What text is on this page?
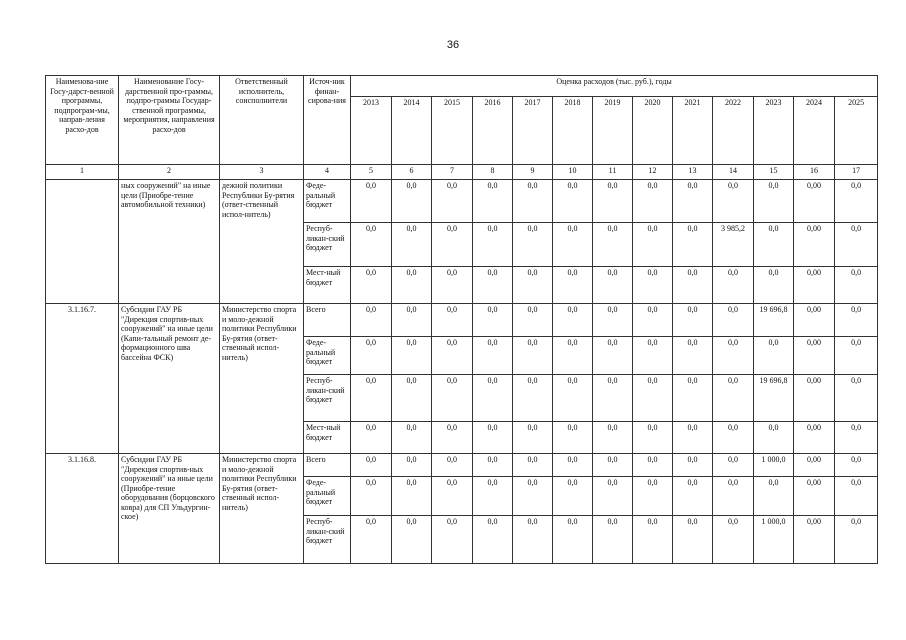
36
Наименова-ние Госу-дарст-венной программы, подпрограм-мы, направ-ления расхо-дов	Наименование Госу-дарственной про-граммы, подпро-граммы Государ-ственной программы, мероприятия, направления расхо-дов	Ответственный исполнитель, соисполнители	Источ-ник финан-сирова-ния	Оценка расходов (тыс. руб.), годы												
				2013	2014	2015	2016	2017	2018	2019	2020	2021	2022	2023	2024	2025
1	2	3	4	5	6	7	8	9	10	11	12	13	14	15	16	17
	ных сооружений" на иные цели (Приобре-тение автомобильной техники)	дежной политики Республики Бу-рятия (ответ-ственный испол-нитель)	Феде-ральный бюджет	0,0	0,0	0,0	0,0	0,0	0,0	0,0	0,0	0,0	0,0	0,0	0,00	0,0
			Респуб-ликан-ский бюджет	0,0	0,0	0,0	0,0	0,0	0,0	0,0	0,0	0,0	3 985,2	0,0	0,00	0,0
			Мест-ный бюджет	0,0	0,0	0,0	0,0	0,0	0,0	0,0	0,0	0,0	0,0	0,0	0,00	0,0
3.1.16.7.	Субсидии ГАУ РБ "Дирекция спортив-ных сооружений" на иные цели (Капи-тальный ремонт де-формационного шва бассейна ФСК)	Министерство спорта и моло-дежной политики Республики Бу-рятия (ответ-ственный испол-нитель)	Всего	0,0	0,0	0,0	0,0	0,0	0,0	0,0	0,0	0,0	0,0	19 696,8	0,00	0,0
			Феде-ральный бюджет	0,0	0,0	0,0	0,0	0,0	0,0	0,0	0,0	0,0	0,0	0,0	0,00	0,0
			Респуб-ликан-ский бюджет	0,0	0,0	0,0	0,0	0,0	0,0	0,0	0,0	0,0	0,0	19 696,8	0,00	0,0
			Мест-ный бюджет	0,0	0,0	0,0	0,0	0,0	0,0	0,0	0,0	0,0	0,0	0,0	0,00	0,0
3.1.16.8.	Субсидии ГАУ РБ "Дирекция спортив-ных сооружений" на иные цели (Приобре-тение оборудования (борцовского ковра) для СП Ульдургин-ское)	Министерство спорта и моло-дежной политики Республики Бу-рятия (ответ-ственный испол-нитель)	Всего	0,0	0,0	0,0	0,0	0,0	0,0	0,0	0,0	0,0	0,0	1 000,0	0,00	0,0
			Феде-ральный бюджет	0,0	0,0	0,0	0,0	0,0	0,0	0,0	0,0	0,0	0,0	0,0	0,00	0,0
			Респуб-ликан-ский бюджет	0,0	0,0	0,0	0,0	0,0	0,0	0,0	0,0	0,0	0,0	1 000,0	0,00	0,0
